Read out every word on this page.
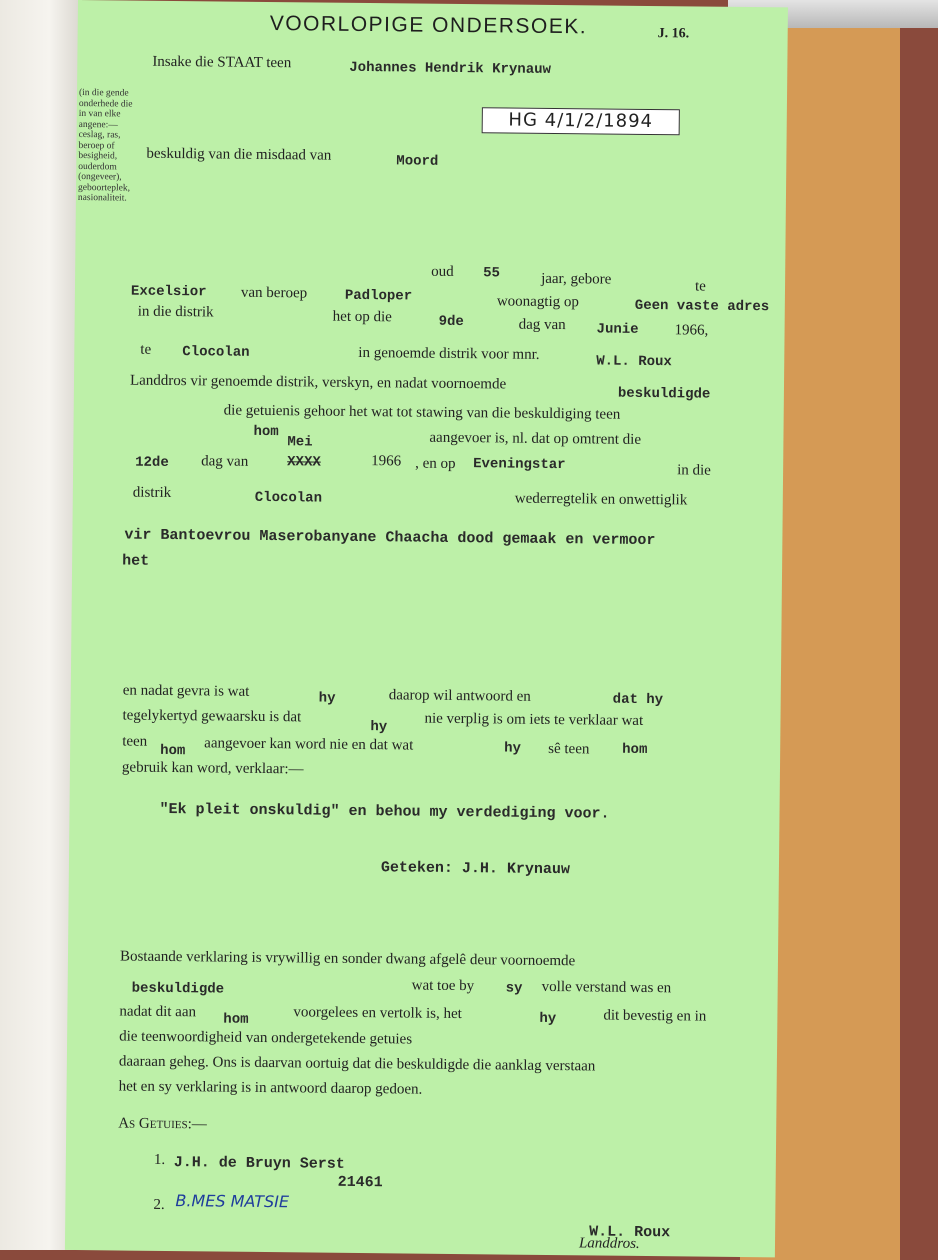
VOORLOPIGE ONDERSOEK.	J. 16.
Insake die STAAT teen	Johannes Hendrik Krynauw
HG 4/1/2/1894
(in die gende onderhede die in van elke angene:— ceslag, ras, beroep of besigheid, ouderdom (ongeveer), geboorteplek, nasionaliteit.
beskuldig van die misdaad van	Moord
oud 55	jaar, gebore	te
Excelsior van beroep	Padloper	woonagtig op	Geen vaste adres
in die distrik	het op die	9de	dag van Junie 1966,
te Clocolan	in genoemde distrik voor mnr.	W.L. Roux
Landdros vir genoemde distrik, verskyn, en nadat voornoemde
beskuldigde
die getuienis gehoor het wat tot stawing van die beskuldiging teen
hom
Mei	aangevoer is, nl. dat op omtrent die
12de dag van	XXXX	1966 , en op Eveningstar	in die
distrik	Clocolan	wederregtelik en onwettiglik
vir Bantoevrou Maserobanyane Chaacha dood gemaak en vermoor
het
en nadat gevra is wat	hy	daarop wil antwoord en	dat hy
tegelykertyd gewaarsku is dat
hy nie verplig is om iets te verklaar wat
teen
hom aangevoer kan word nie en dat wat	hy sê teen hom
gebruik kan word, verklaar:—
"Ek pleit onskuldig" en behou my verdediging voor.
Geteken: J.H. Krynauw
Bostaande verklaring is vrywillig en sonder dwang afgelê deur voornoemde
beskuldigde	wat toe by sy volle verstand was en
nadat dit aan hom	voorgelees en vertolk is, het	hy	dit bevestig en in
die teenwoordigheid van ondergetekende getuies
daaraan geheg. Ons is daarvan oortuig dat die beskuldigde die aanklag verstaan
het en sy verklaring is in antwoord daarop gedoen.
As Getuies:—
1. J.H. de Bruyn Serst
21461
2. B.MES MATSIE
W.L. Roux
Landdros.
